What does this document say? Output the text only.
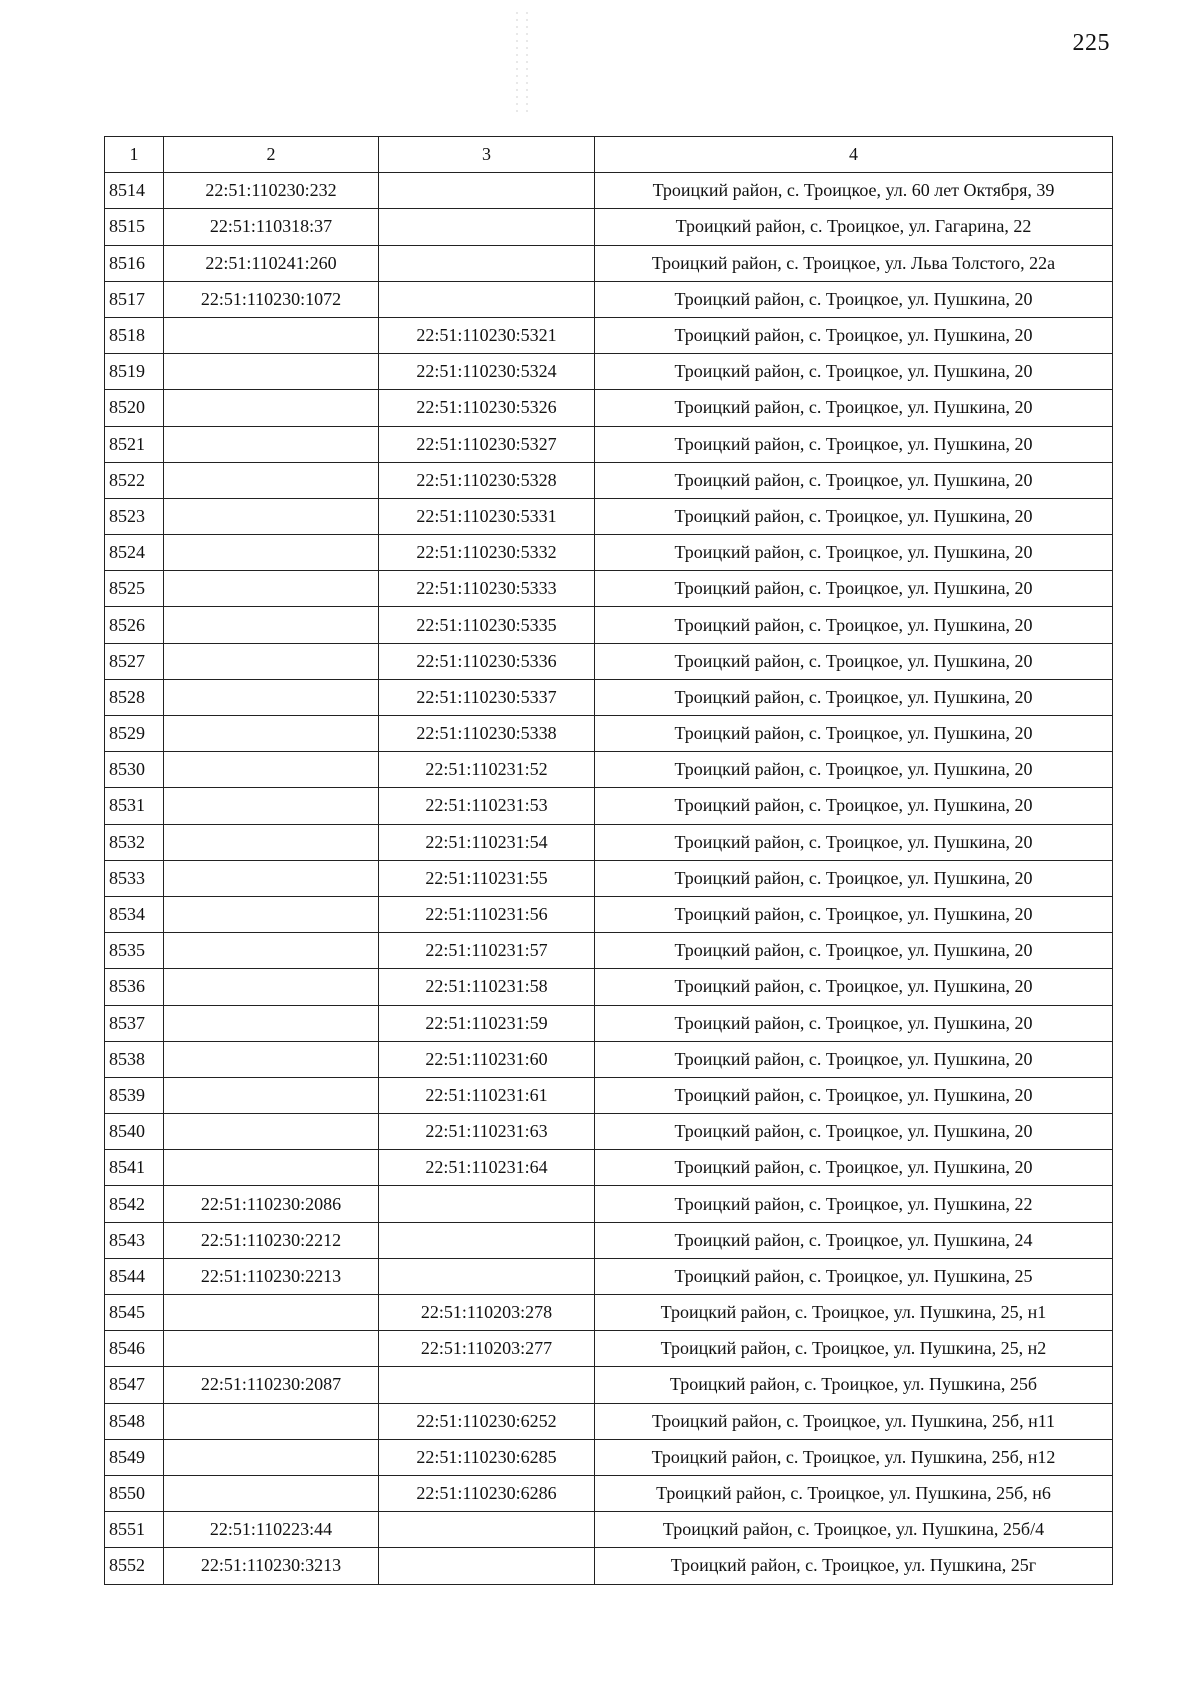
225
1	2	3	4
8514	22:51:110230:232		Троицкий район, с. Троицкое, ул. 60 лет Октября, 39
8515	22:51:110318:37		Троицкий район, с. Троицкое, ул. Гагарина, 22
8516	22:51:110241:260		Троицкий район, с. Троицкое, ул. Льва Толстого, 22а
8517	22:51:110230:1072		Троицкий район, с. Троицкое, ул. Пушкина, 20
8518		22:51:110230:5321	Троицкий район, с. Троицкое, ул. Пушкина, 20
8519		22:51:110230:5324	Троицкий район, с. Троицкое, ул. Пушкина, 20
8520		22:51:110230:5326	Троицкий район, с. Троицкое, ул. Пушкина, 20
8521		22:51:110230:5327	Троицкий район, с. Троицкое, ул. Пушкина, 20
8522		22:51:110230:5328	Троицкий район, с. Троицкое, ул. Пушкина, 20
8523		22:51:110230:5331	Троицкий район, с. Троицкое, ул. Пушкина, 20
8524		22:51:110230:5332	Троицкий район, с. Троицкое, ул. Пушкина, 20
8525		22:51:110230:5333	Троицкий район, с. Троицкое, ул. Пушкина, 20
8526		22:51:110230:5335	Троицкий район, с. Троицкое, ул. Пушкина, 20
8527		22:51:110230:5336	Троицкий район, с. Троицкое, ул. Пушкина, 20
8528		22:51:110230:5337	Троицкий район, с. Троицкое, ул. Пушкина, 20
8529		22:51:110230:5338	Троицкий район, с. Троицкое, ул. Пушкина, 20
8530		22:51:110231:52	Троицкий район, с. Троицкое, ул. Пушкина, 20
8531		22:51:110231:53	Троицкий район, с. Троицкое, ул. Пушкина, 20
8532		22:51:110231:54	Троицкий район, с. Троицкое, ул. Пушкина, 20
8533		22:51:110231:55	Троицкий район, с. Троицкое, ул. Пушкина, 20
8534		22:51:110231:56	Троицкий район, с. Троицкое, ул. Пушкина, 20
8535		22:51:110231:57	Троицкий район, с. Троицкое, ул. Пушкина, 20
8536		22:51:110231:58	Троицкий район, с. Троицкое, ул. Пушкина, 20
8537		22:51:110231:59	Троицкий район, с. Троицкое, ул. Пушкина, 20
8538		22:51:110231:60	Троицкий район, с. Троицкое, ул. Пушкина, 20
8539		22:51:110231:61	Троицкий район, с. Троицкое, ул. Пушкина, 20
8540		22:51:110231:63	Троицкий район, с. Троицкое, ул. Пушкина, 20
8541		22:51:110231:64	Троицкий район, с. Троицкое, ул. Пушкина, 20
8542	22:51:110230:2086		Троицкий район, с. Троицкое, ул. Пушкина, 22
8543	22:51:110230:2212		Троицкий район, с. Троицкое, ул. Пушкина, 24
8544	22:51:110230:2213		Троицкий район, с. Троицкое, ул. Пушкина, 25
8545		22:51:110203:278	Троицкий район, с. Троицкое, ул. Пушкина, 25, н1
8546		22:51:110203:277	Троицкий район, с. Троицкое, ул. Пушкина, 25, н2
8547	22:51:110230:2087		Троицкий район, с. Троицкое, ул. Пушкина, 25б
8548		22:51:110230:6252	Троицкий район, с. Троицкое, ул. Пушкина, 25б, н11
8549		22:51:110230:6285	Троицкий район, с. Троицкое, ул. Пушкина, 25б, н12
8550		22:51:110230:6286	Троицкий район, с. Троицкое, ул. Пушкина, 25б, н6
8551	22:51:110223:44		Троицкий район, с. Троицкое, ул. Пушкина, 25б/4
8552	22:51:110230:3213		Троицкий район, с. Троицкое, ул. Пушкина, 25г
